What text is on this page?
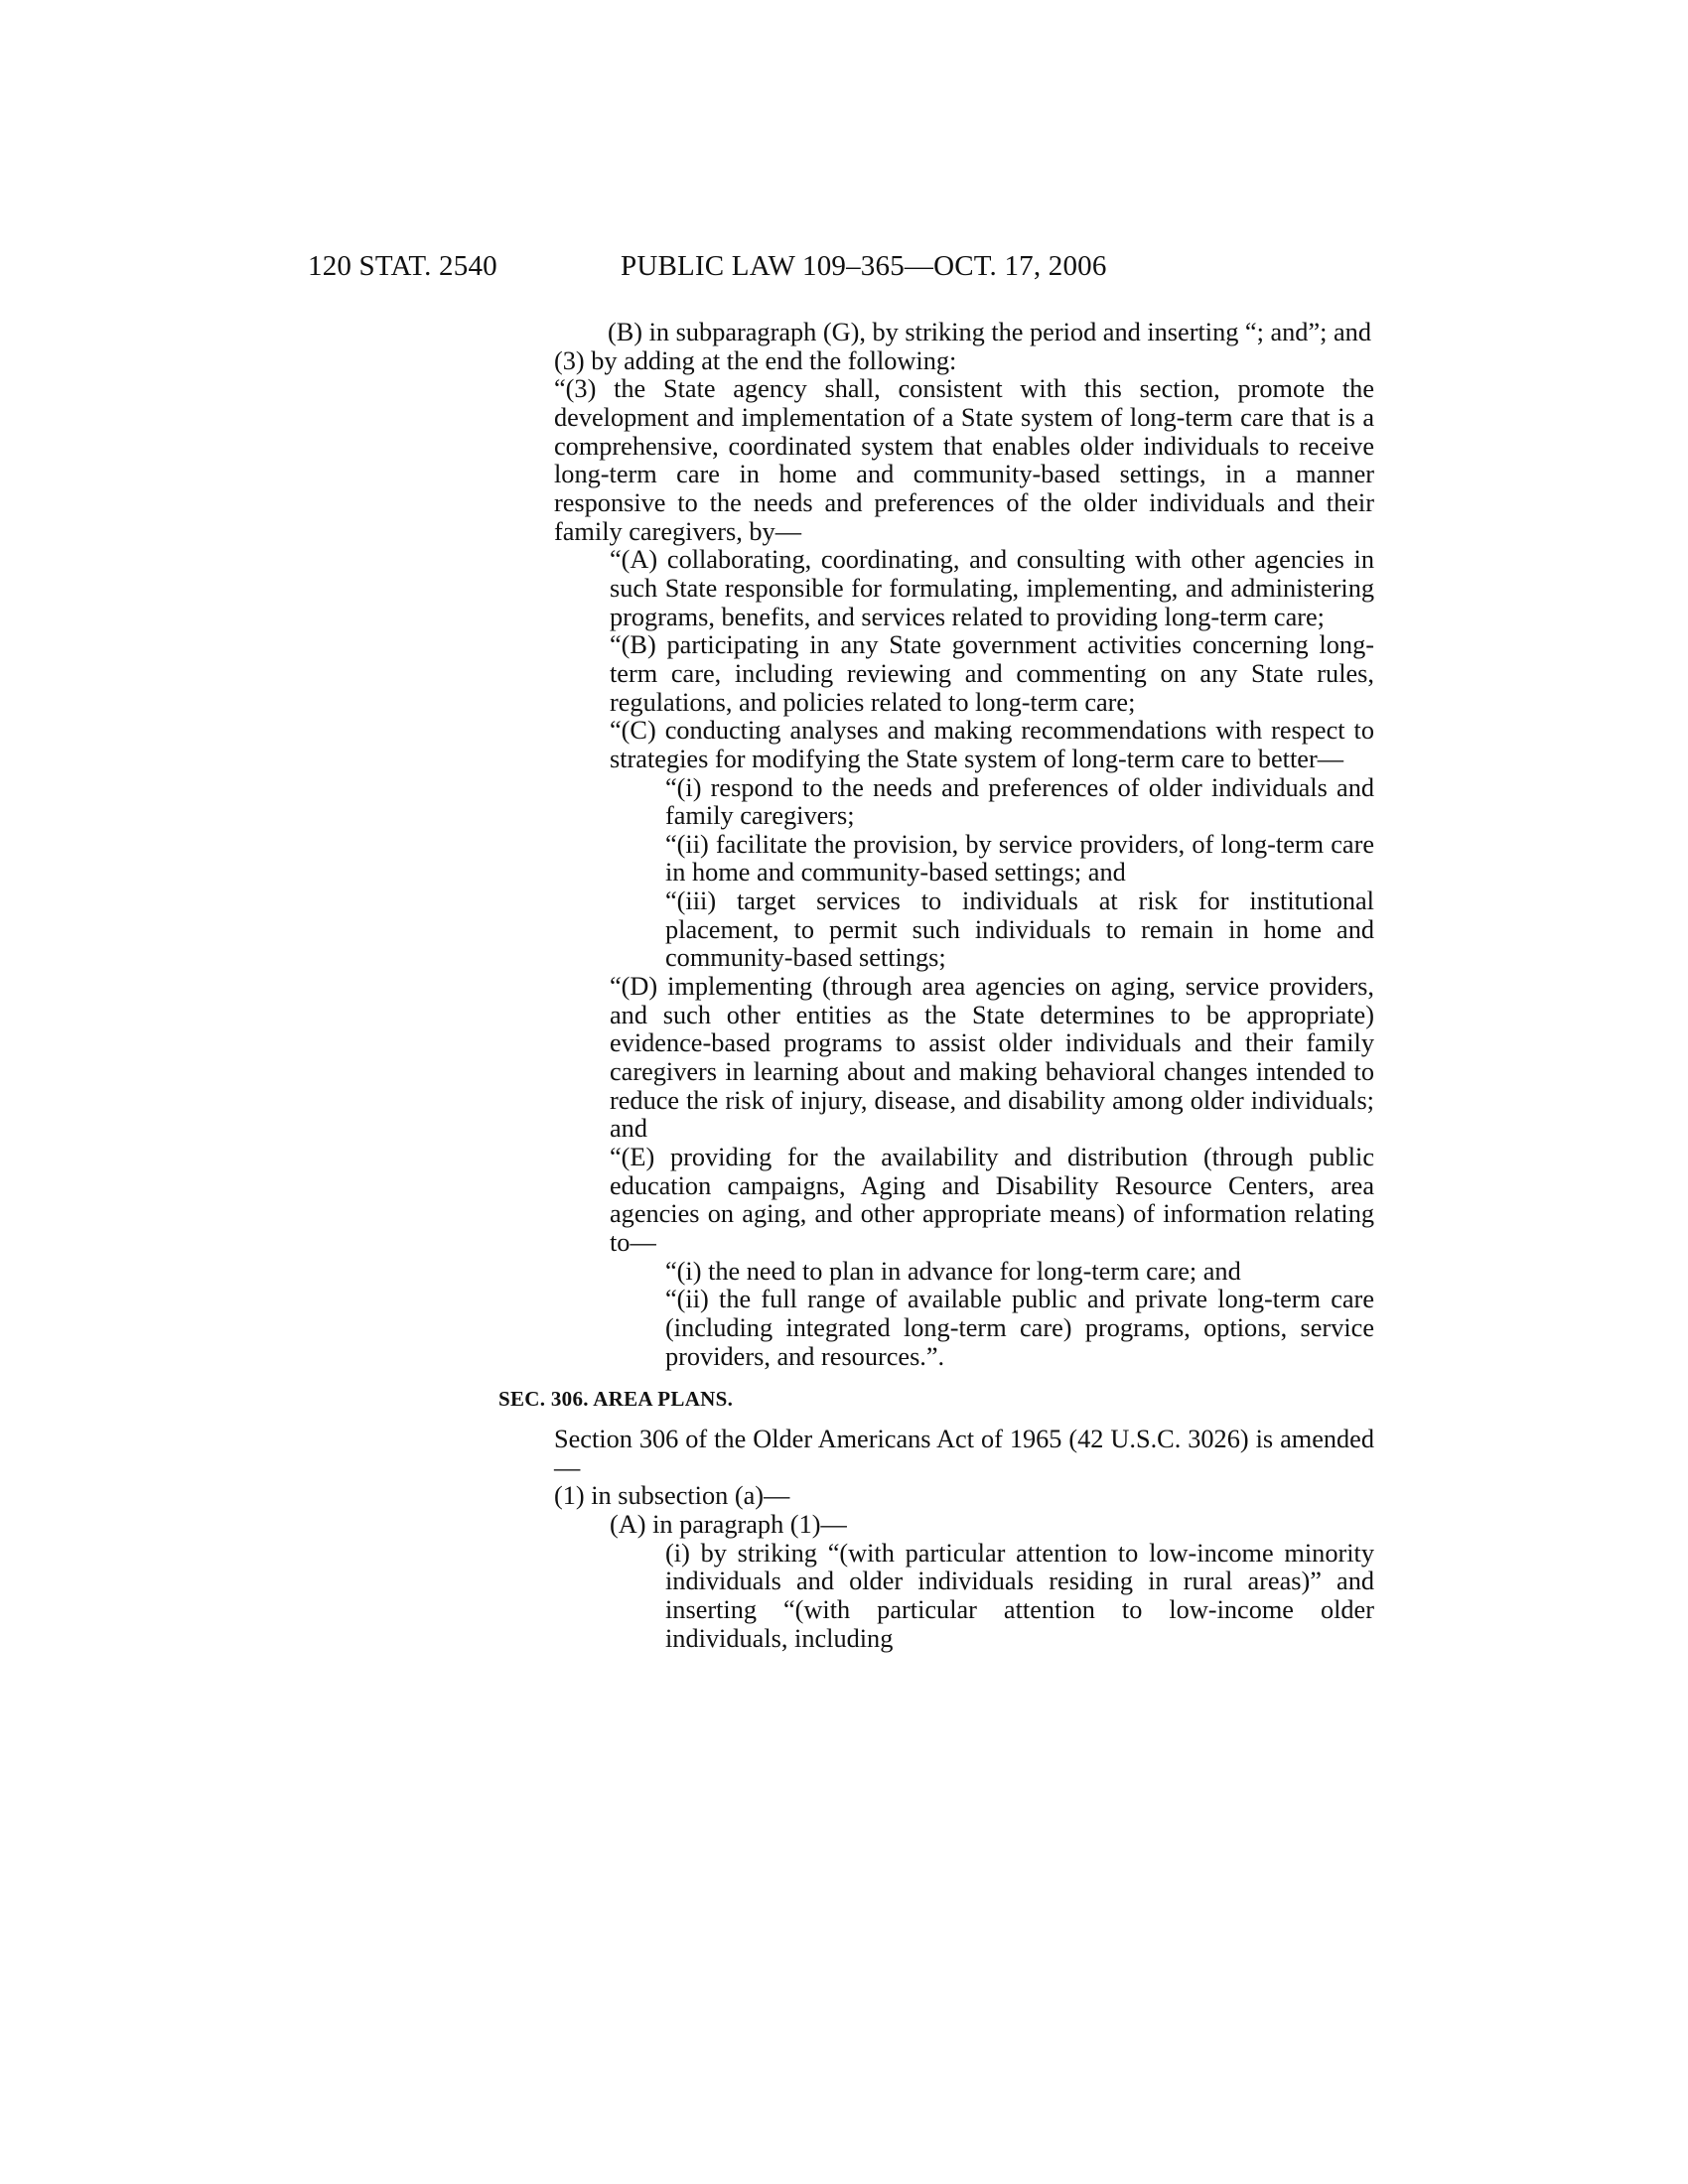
120 STAT. 2540	PUBLIC LAW 109–365—OCT. 17, 2006

(B) in subparagraph (G), by striking the period and inserting “; and”; and

(3) by adding at the end the following:

“(3) the State agency shall, consistent with this section, promote the development and implementation of a State system of long-term care that is a comprehensive, coordinated system that enables older individuals to receive long-term care in home and community-based settings, in a manner responsive to the needs and preferences of the older individuals and their family caregivers, by—

“(A) collaborating, coordinating, and consulting with other agencies in such State responsible for formulating, implementing, and administering programs, benefits, and services related to providing long-term care;

“(B) participating in any State government activities concerning long-term care, including reviewing and commenting on any State rules, regulations, and policies related to long-term care;

“(C) conducting analyses and making recommendations with respect to strategies for modifying the State system of long-term care to better—

“(i) respond to the needs and preferences of older individuals and family caregivers;

“(ii) facilitate the provision, by service providers, of long-term care in home and community-based settings; and

“(iii) target services to individuals at risk for institutional placement, to permit such individuals to remain in home and community-based settings;

“(D) implementing (through area agencies on aging, service providers, and such other entities as the State determines to be appropriate) evidence-based programs to assist older individuals and their family caregivers in learning about and making behavioral changes intended to reduce the risk of injury, disease, and disability among older individuals; and

“(E) providing for the availability and distribution (through public education campaigns, Aging and Disability Resource Centers, area agencies on aging, and other appropriate means) of information relating to—

“(i) the need to plan in advance for long-term care; and

“(ii) the full range of available public and private long-term care (including integrated long-term care) programs, options, service providers, and resources.”.

SEC. 306. AREA PLANS.

Section 306 of the Older Americans Act of 1965 (42 U.S.C. 3026) is amended—

(1) in subsection (a)—

(A) in paragraph (1)—

(i) by striking “(with particular attention to low-income minority individuals and older individuals residing in rural areas)” and inserting “(with particular attention to low-income older individuals, including
